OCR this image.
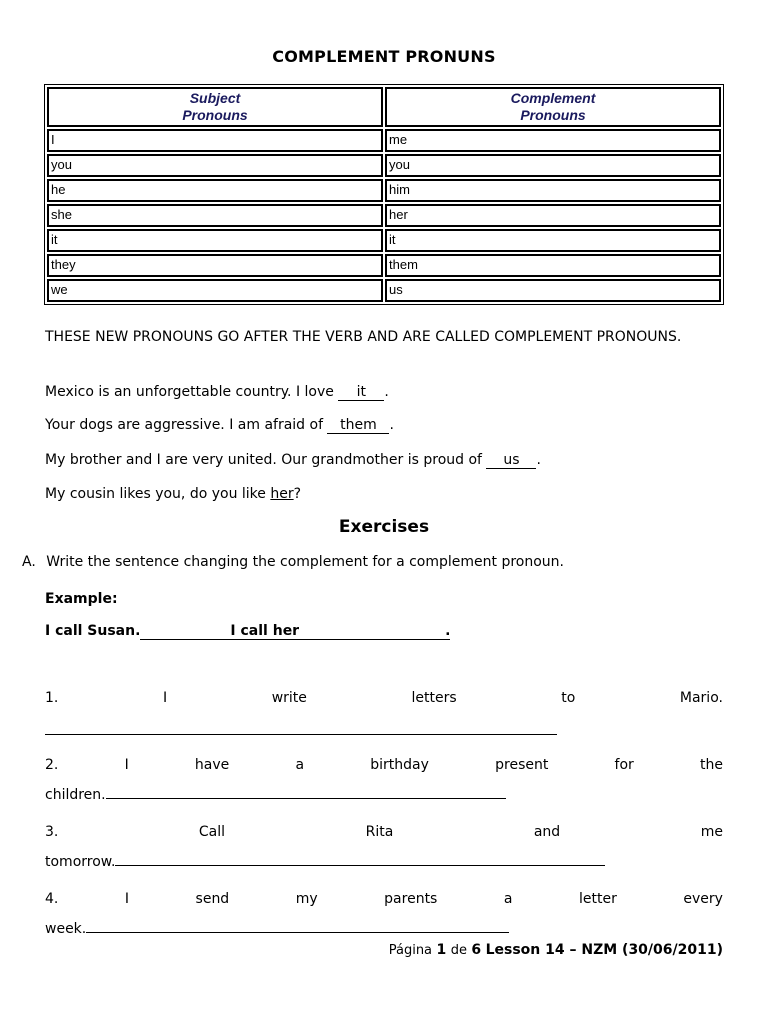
COMPLEMENT PRONUNS
Subject
Pronouns	Complement
Pronouns
I	me
you	you
he	him
she	her
it	it
they	them
we	us
THESE NEW PRONOUNS GO AFTER THE VERB AND ARE CALLED COMPLEMENT PRONOUNS.
Mexico is an unforgettable country. I love it .
Your dogs are aggressive. I am afraid of them .
My brother and I are very united. Our grandmother is proud of us .
My cousin likes you, do you like her?
Exercises
A. Write the sentence changing the complement for a complement pronoun.
Example:
I call Susan.	I call her	.
1.	I	write	letters	to	Mario.
2.	I	have	a	birthday	present	for	the
children.
3.	Call	Rita	and	me
tomorrow.
4.	I	send	my	parents	a	letter	every
week.
Página 1 de 6 Lesson 14 – NZM (30/06/2011)
